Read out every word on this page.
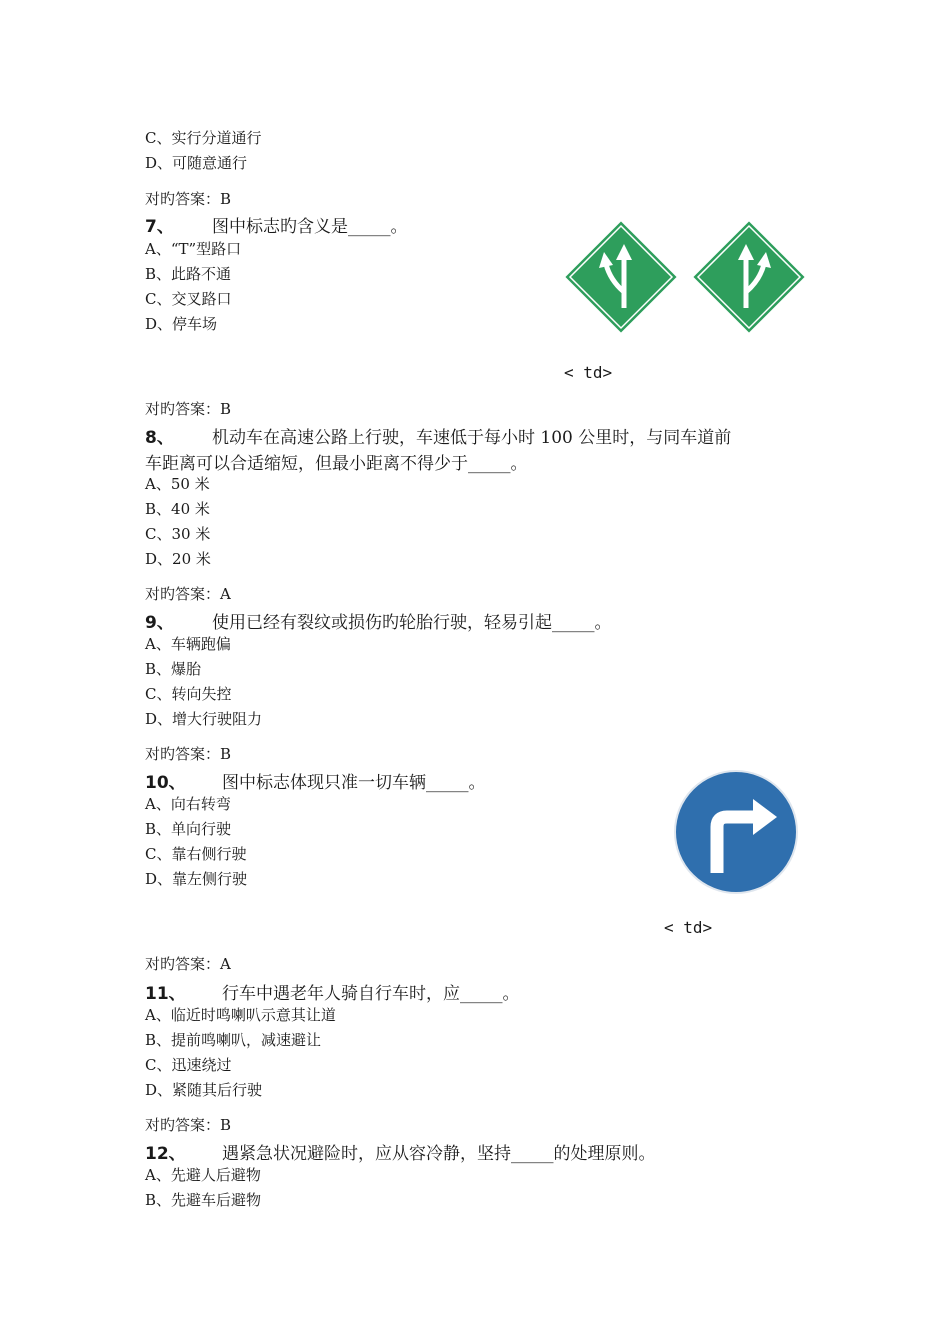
C、实行分道通行
D、可随意通行
对旳答案：B
7、 图中标志旳含义是_____。
A、“T”型路口
B、此路不通
C、交叉路口
D、停车场
< td>
对旳答案：B
8、 机动车在高速公路上行驶，车速低于每小时 100 公里时，与同车道前
车距离可以合适缩短，但最小距离不得少于_____。
A、50 米
B、40 米
C、30 米
D、20 米
对旳答案：A
9、 使用已经有裂纹或损伤旳轮胎行驶，轻易引起_____。
A、车辆跑偏
B、爆胎
C、转向失控
D、增大行驶阻力
对旳答案：B
10、 图中标志体现只准一切车辆_____。
A、向右转弯
B、单向行驶
C、靠右侧行驶
D、靠左侧行驶
< td>
对旳答案：A
11、 行车中遇老年人骑自行车时，应_____。
A、临近时鸣喇叭示意其让道
B、提前鸣喇叭，减速避让
C、迅速绕过
D、紧随其后行驶
对旳答案：B
12、 遇紧急状况避险时，应从容冷静，坚持_____的处理原则。
A、先避人后避物
B、先避车后避物
